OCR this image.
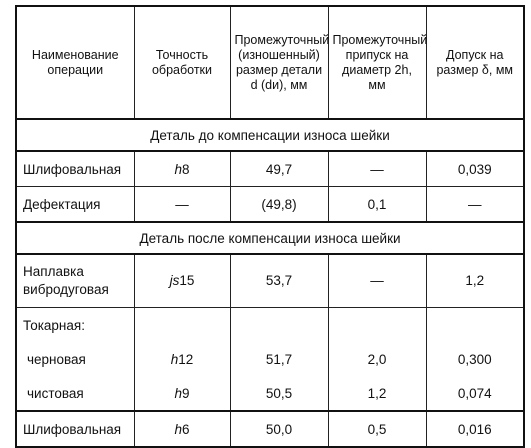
Наименование операции	Точность обработки	Промежуточный (изношенный) размер детали d (dи), мм	Промежуточный припуск на диаметр 2h, мм	Допуск на размер δ, мм
Деталь до компенсации износа шейки				
Шлифовальная	h8	49,7	—	0,039
Дефектация	—	(49,8)	0,1	—
Деталь после компенсации износа шейки				
Наплавка вибродуговая	js15	53,7	—	1,2
Токарная:				
черновая	h12	51,7	2,0	0,300
чистовая	h9	50,5	1,2	0,074
Шлифовальная	h6	50,0	0,5	0,016
